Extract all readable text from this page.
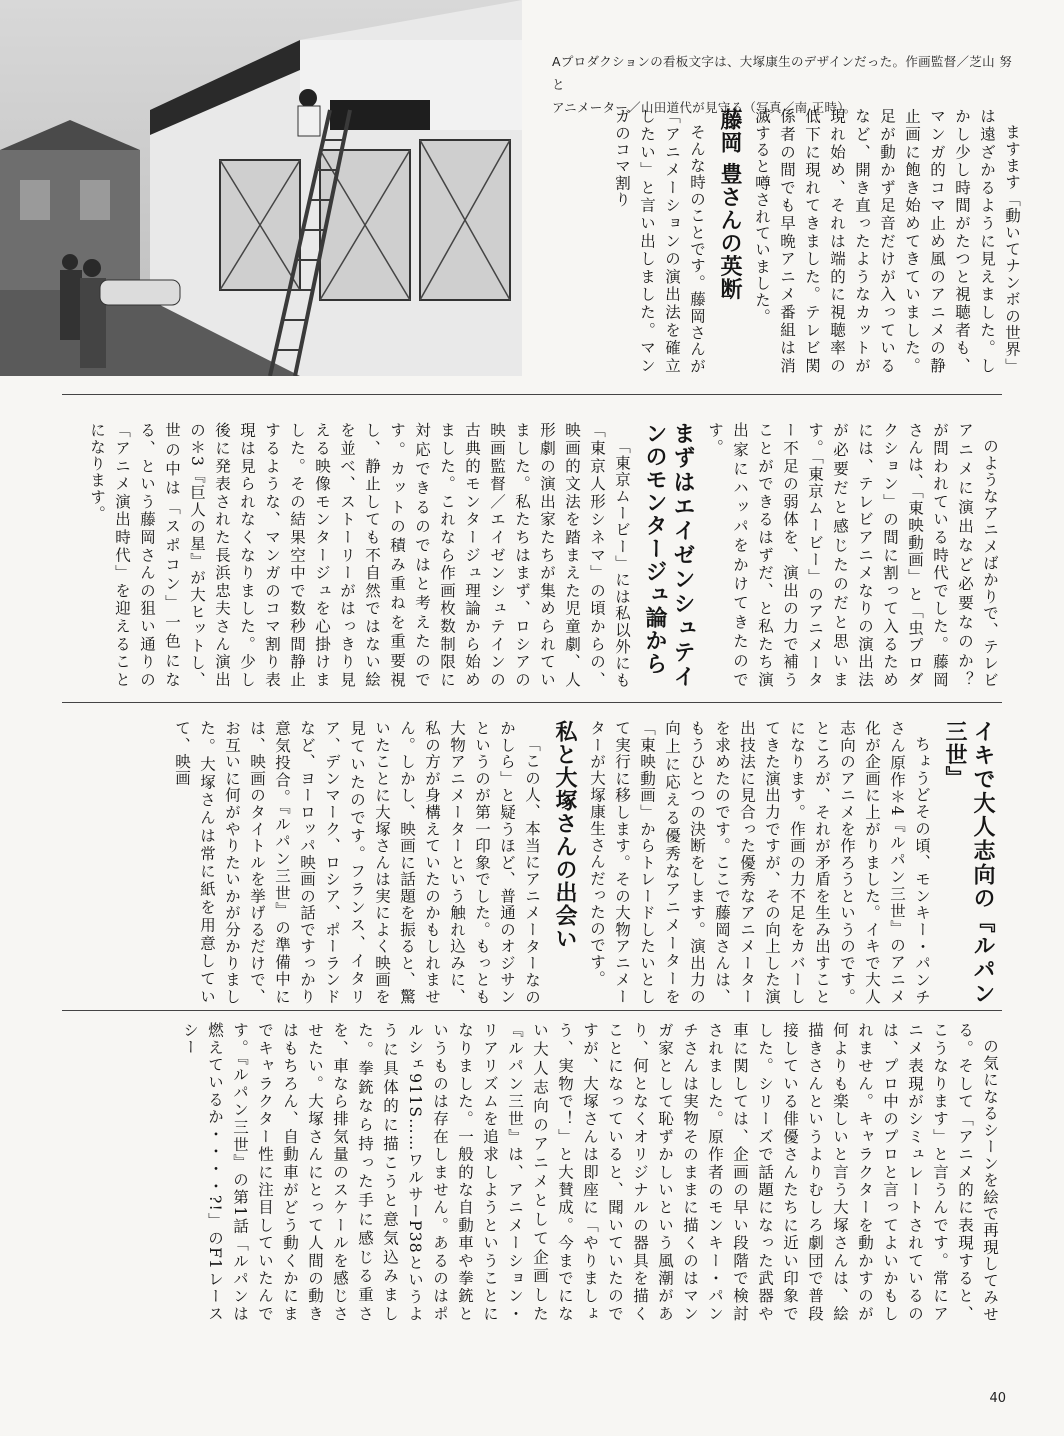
Aプロダクションの看板文字は、大塚康生のデザインだった。作画監督／芝山 努と

アニメーター／山田道代が見守る（写真／南 正時）。

ますます「動いてナンボの世界」は遠ざかるように見えました。しかし少し時間がたつと視聴者も、マンガ的コマ止め風のアニメの静止画に飽き始めてきていました。足が動かず足音だけが入っているなど、開き直ったようなカットが現れ始め、それは端的に視聴率の低下に現れてきました。テレビ関係者の間でも早晩アニメ番組は消滅すると噂されていました。

藤岡 豊さんの英断

そんな時のことです。藤岡さんが「アニメーションの演出法を確立したい」と言い出しました。マンガのコマ割り

のようなアニメばかりで、テレビアニメに演出など必要なのか？　が問われている時代でした。藤岡さんは、「東映動画」と「虫プロダクション」の間に割って入るためには、テレビアニメなりの演出法が必要だと感じたのだと思います。「東京ムービー」のアニメーター不足の弱体を、演出の力で補うことができるはずだ、と私たち演出家にハッパをかけてきたのです。

まずはエイゼンシュテインのモンタージュ論から

「東京ムービー」には私以外にも「東京人形シネマ」の頃からの、映画的文法を踏まえた児童劇、人形劇の演出家たちが集められていました。私たちはまず、ロシアの映画監督／エイゼンシュテインの古典的モンタージュ理論から始めました。これなら作画枚数制限に対応できるのではと考えたのです。カットの積み重ねを重要視し、静止しても不自然ではない絵を並べ、ストーリーがはっきり見える映像モンタージュを心掛けました。その結果空中で数秒間静止するような、マンガのコマ割り表現は見られなくなりました。少し後に発表された長浜忠夫さん演出の＊3『巨人の星』が大ヒットし、世の中は「スポコン」一色になる、という藤岡さんの狙い通りの「アニメ演出時代」を迎えることになります。

イキで大人志向の『ルパン三世』

ちょうどその頃、モンキー・パンチさん原作＊4『ルパン三世』のアニメ化が企画に上がりました。イキで大人志向のアニメを作ろうというのです。ところが、それが矛盾を生み出すことになります。作画の力不足をカバーしてきた演出力ですが、その向上した演出技法に見合った優秀なアニメーターを求めたのです。ここで藤岡さんは、もうひとつの決断をします。演出力の向上に応える優秀なアニメーターを「東映動画」からトレードしたいとして実行に移します。その大物アニメーターが大塚康生さんだったのです。

私と大塚さんの出会い

「この人、本当にアニメーターなのかしら」と疑うほど、普通のオジサンというのが第一印象でした。もっとも大物アニメーターという触れ込みに、私の方が身構えていたのかもしれません。しかし、映画に話題を振ると、驚いたことに大塚さんは実によく映画を見ていたのです。フランス、イタリア、デンマーク、ロシア、ポーランドなど、ヨーロッパ映画の話ですっかり意気投合。『ルパン三世』の準備中には、映画のタイトルを挙げるだけで、お互いに何がやりたいかが分かりました。大塚さんは常に紙を用意していて、映画

の気になるシーンを絵で再現してみせる。そして「アニメ的に表現すると、こうなります」と言うんです。常にアニメ表現がシミュレートされているのは、プロ中のプロと言ってよいかもしれません。キャラクターを動かすのが何よりも楽しいと言う大塚さんは、絵描きさんというよりむしろ劇団で普段接している俳優さんたちに近い印象でした。シリーズで話題になった武器や車に関しては、企画の早い段階で検討されました。原作者のモンキー・パンチさんは実物そのままに描くのはマンガ家として恥ずかしいという風潮があり、何となくオリジナルの器具を描くことになっていると、聞いていたのですが、大塚さんは即座に「やりましょう、実物で！」と大賛成。今までにない大人志向のアニメとして企画した『ルパン三世』は、アニメーション・リアリズムを追求しようということになりました。一般的な自動車や拳銃というものは存在しません。あるのはポルシェ911S……ワルサーP38というように具体的に描こうと意気込みました。拳銃なら持った手に感じる重さを、車なら排気量のスケールを感じさせたい。大塚さんにとって人間の動きはもちろん、自動車がどう動くかにまでキャラクター性に注目していたんです。『ルパン三世』の第1話「ルパンは燃えているか・・・・?!」のF1レースシー

40
